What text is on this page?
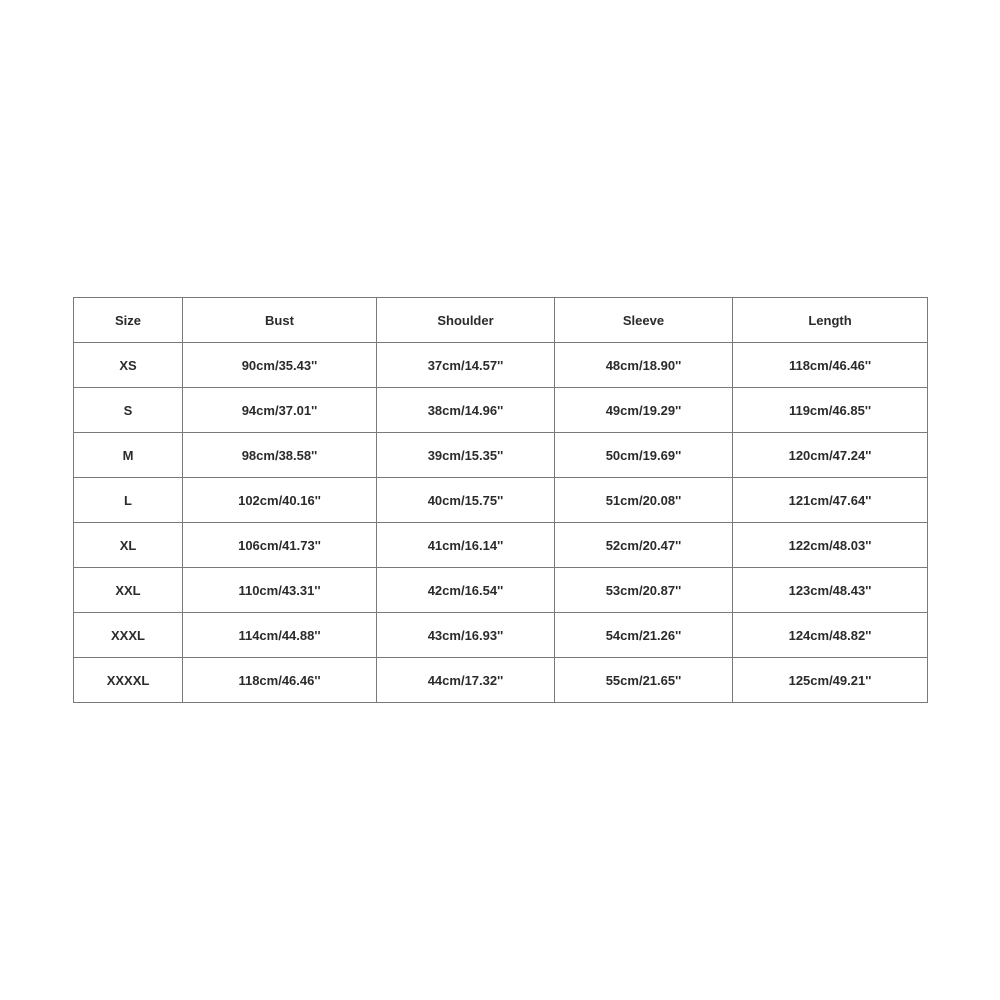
Size	Bust	Shoulder	Sleeve	Length
XS	90cm/35.43''	37cm/14.57''	48cm/18.90''	118cm/46.46''
S	94cm/37.01''	38cm/14.96''	49cm/19.29''	119cm/46.85''
M	98cm/38.58''	39cm/15.35''	50cm/19.69''	120cm/47.24''
L	102cm/40.16''	40cm/15.75''	51cm/20.08''	121cm/47.64''
XL	106cm/41.73''	41cm/16.14''	52cm/20.47''	122cm/48.03''
XXL	110cm/43.31''	42cm/16.54''	53cm/20.87''	123cm/48.43''
XXXL	114cm/44.88''	43cm/16.93''	54cm/21.26''	124cm/48.82''
XXXXL	118cm/46.46''	44cm/17.32''	55cm/21.65''	125cm/49.21''
